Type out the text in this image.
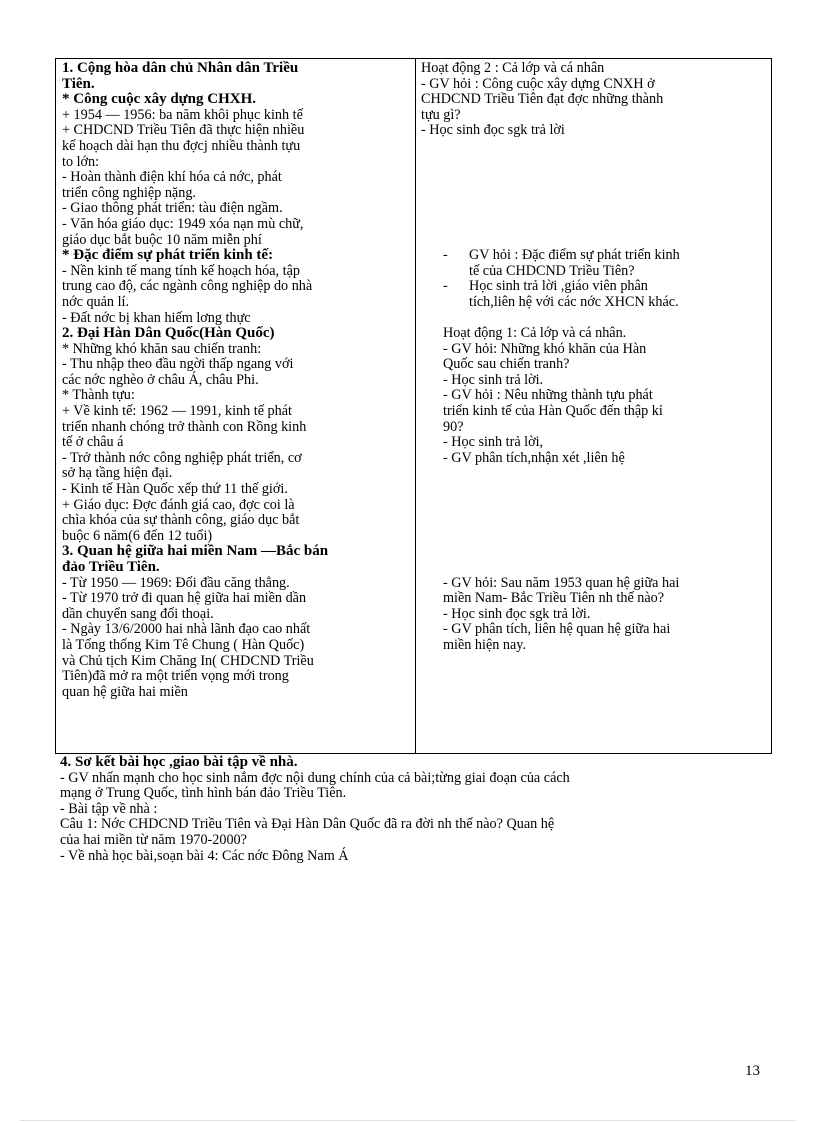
1. Cộng hòa dân chủ Nhân dân Triều
Tiên.
* Công cuộc xây dựng CHXH.
+ 1954 — 1956: ba năm khôi phục kinh tế
+ CHDCND Triều Tiên đã thực hiện nhiều
kế hoạch dài hạn thu đợcj nhiều thành tựu
to lớn:
- Hoàn thành điện khí hóa cả nớc, phát
triển công nghiệp nặng.
- Giao thông phát triển: tàu điện ngầm.
- Văn hóa giáo dục: 1949 xóa nạn mù chữ,
giáo dục bắt buộc 10 năm miễn phí
* Đặc điểm sự phát triển kinh tế:
- Nền kinh tế mang tính kế hoạch hóa, tập
trung cao độ, các ngành công nghiệp do nhà
nớc quản lí.
- Đất nớc bị khan hiếm lơng thực
2. Đại Hàn Dân Quốc(Hàn Quốc)
* Những khó khăn sau chiến tranh:
- Thu nhập theo đầu ngời thấp ngang với
các nớc nghèo ở châu Á, châu Phi.
* Thành tựu:
+ Về kinh tế: 1962 — 1991, kinh tế phát
triển nhanh chóng trở thành con Rồng kinh
tế ở châu á
- Trở thành nớc công nghiệp phát triển, cơ
sở hạ tầng hiện đại.
- Kinh tế Hàn Quốc xếp thứ 11 thế giới.
+ Giáo dục: Đợc đánh giá cao, đợc coi là
chìa khóa của sự thành công, giáo dục bắt
buộc 6 năm(6 đến 12 tuổi)
3. Quan hệ giữa hai miền Nam —Bắc bán
đảo Triều Tiên.
- Từ 1950 — 1969: Đối đầu căng thẳng.
- Từ 1970 trở đi quan hệ giữa hai miền dần
dần chuyển sang đối thoại.
- Ngày 13/6/2000 hai nhà lãnh đạo cao nhất
là Tổng thống Kim Tê Chung ( Hàn Quốc)
và Chủ tịch Kim Chăng In( CHDCND Triều
Tiên)đã mở ra một triển vọng mới trong
quan hệ giữa hai miền
Hoạt động 2 : Cả lớp và cá nhân
- GV hỏi : Công cuộc xây dựng CNXH ở
CHDCND Triều Tiên đạt đợc những thành
tựu gì?
- Học sinh đọc sgk trả lời
- GV hỏi : Đặc điểm sự phát triển kinh
tế của CHDCND Triều Tiên?
- Học sinh trả lời ,giáo viên phân
tích,liên hệ với các nớc XHCN khác.
Hoạt động 1: Cả lớp và cá nhân.
- GV hỏi: Những khó khăn của Hàn
Quốc sau chiến tranh?
- Học sinh trả lời.
- GV hỏi : Nêu những thành tựu phát
triển kinh tế của Hàn Quốc đến thập kỉ
90?
- Học sinh trả lời,
- GV phân tích,nhận xét ,liên hệ
- GV hỏi: Sau năm 1953 quan hệ giữa hai
miền Nam- Bắc Triều Tiên nh thế nào?
- Học sinh đọc sgk trả lời.
- GV phân tích, liên hệ quan hệ giữa hai
miền hiện nay.
4. Sơ kết bài học ,giao bài tập về nhà.
- GV nhấn mạnh cho học sinh nắm đợc nội dung chính của cả bài;từng giai đoạn của cách
mạng ở Trung Quốc, tình hình bán đảo Triều Tiên.
- Bài tập về nhà :
Câu 1: Nớc CHDCND Triều Tiên và Đại Hàn Dân Quốc đã ra đời nh thế nào? Quan hệ
của hai miền từ năm 1970-2000?
- Về nhà học bài,soạn bài 4: Các nớc Đông Nam Á
13
